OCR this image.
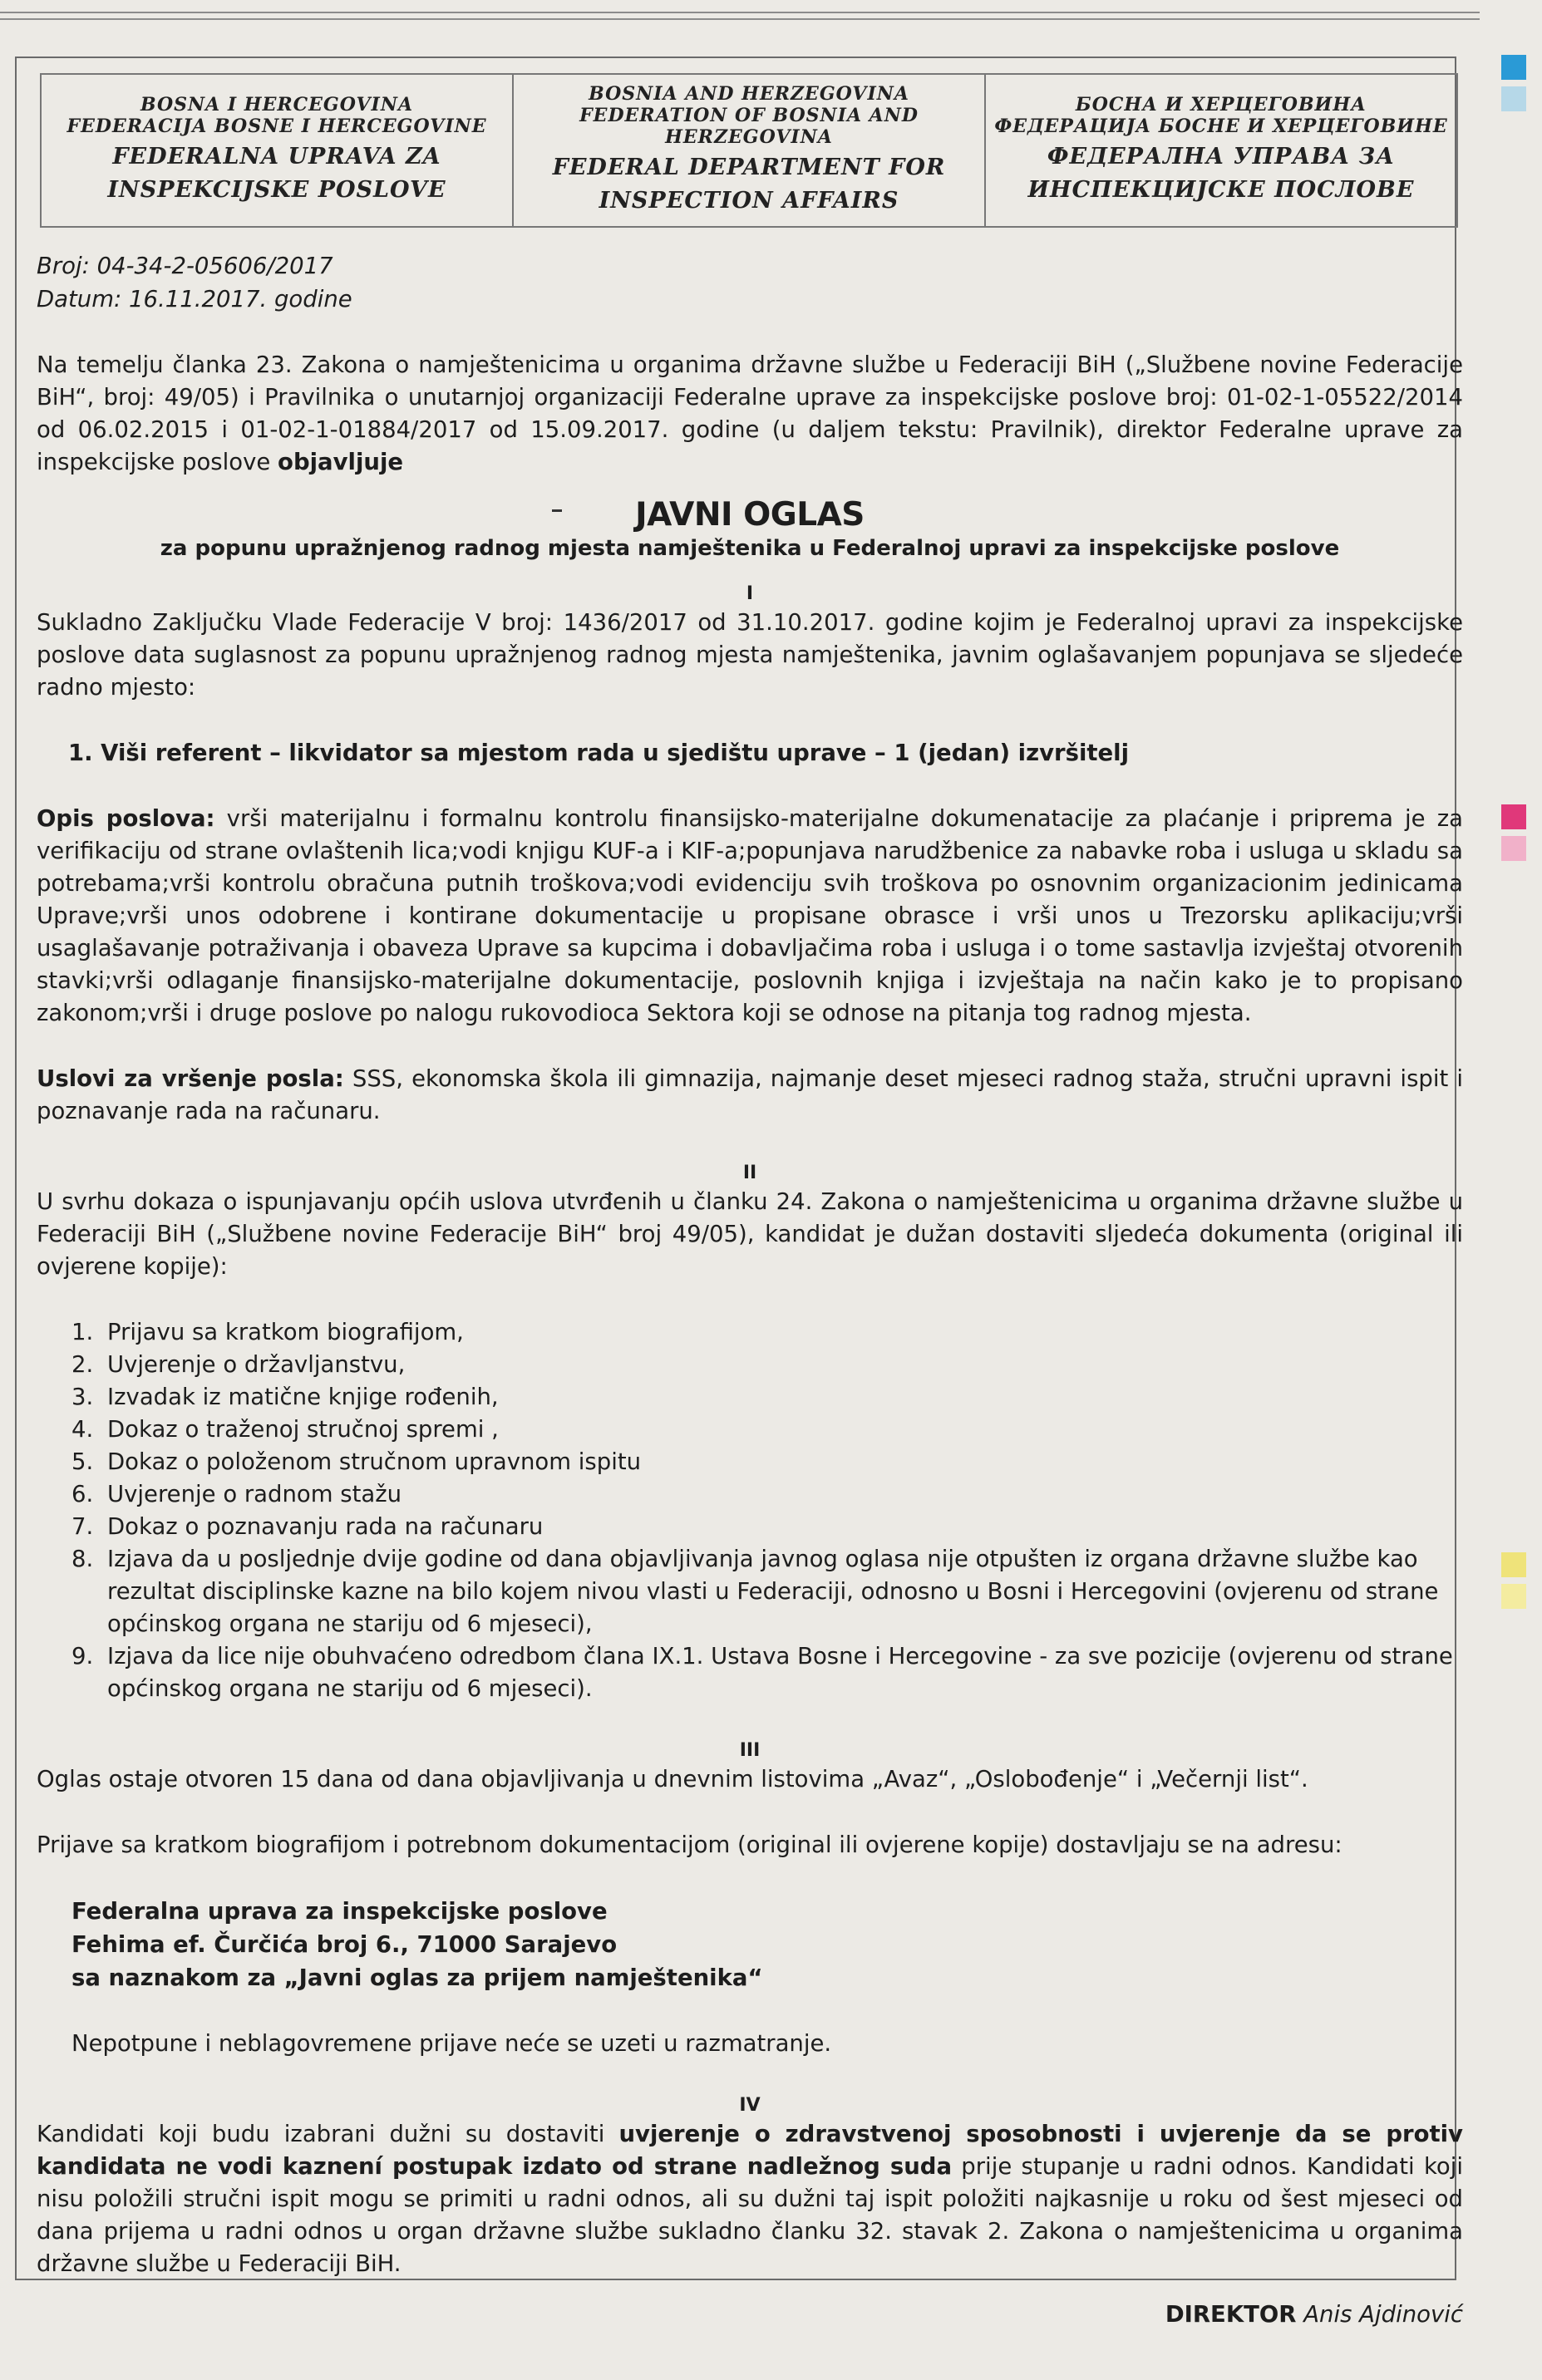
BOSNA I HERCEGOVINA
FEDERACIJA BOSNE I HERCEGOVINE
FEDERALNA UPRAVA ZA
INSPEKCIJSKE POSLOVE
BOSNIA AND HERZEGOVINA
FEDERATION OF BOSNIA AND HERZEGOVINA
FEDERAL DEPARTMENT FOR
INSPECTION AFFAIRS
БОСНА И ХЕРЦЕГОВИНА
ФЕДЕРАЦИЈА БОСНЕ И ХЕРЦЕГОВИНЕ
ФЕДЕРАЛНА УПРАВА ЗА
ИНСПЕКЦИЈСКЕ ПОСЛОВЕ
Broj: 04-34-2-05606/2017
Datum: 16.11.2017. godine

Na temelju članka 23. Zakona o namještenicima u organima državne službe u Federaciji BiH („Službene novine Federacije BiH“, broj: 49/05) i Pravilnika o unutarnjoj organizaciji Federalne uprave za inspekcijske poslove broj: 01-02-1-05522/2014 od 06.02.2015 i 01-02-1-01884/2017 od 15.09.2017. godine (u daljem tekstu: Pravilnik), direktor Federalne uprave za inspekcijske poslove objavljuje

JAVNI OGLAS
za popunu upražnjenog radnog mjesta namještenika u Federalnoj upravi za inspekcijske poslove
I

Sukladno Zaključku Vlade Federacije V broj: 1436/2017 od 31.10.2017. godine kojim je Federalnoj upravi za inspekcijske poslove data suglasnost za popunu upražnjenog radnog mjesta namještenika, javnim oglašavanjem popunjava se sljedeće radno mjesto:

1. Viši referent – likvidator sa mjestom rada u sjedištu uprave – 1 (jedan) izvršitelj

Opis poslova: vrši materijalnu i formalnu kontrolu finansijsko-materijalne dokumenatacije za plaćanje i priprema je za verifikaciju od strane ovlaštenih lica;vodi knjigu KUF-a i KIF-a;popunjava narudžbenice za nabavke roba i usluga u skladu sa potrebama;vrši kontrolu obračuna putnih troškova;vodi evidenciju svih troškova po osnovnim organizacionim jedinicama Uprave;vrši unos odobrene i kontirane dokumentacije u propisane obrasce i vrši unos u Trezorsku aplikaciju;vrši usaglašavanje potraživanja i obaveza Uprave sa kupcima i dobavljačima roba i usluga i o tome sastavlja izvještaj otvorenih stavki;vrši odlaganje finansijsko-materijalne dokumentacije, poslovnih knjiga i izvještaja na način kako je to propisano zakonom;vrši i druge poslove po nalogu rukovodioca Sektora koji se odnose na pitanja tog radnog mjesta.

Uslovi za vršenje posla: SSS, ekonomska škola ili gimnazija, najmanje deset mjeseci radnog staža, stručni upravni ispit i poznavanje rada na računaru.

II

U svrhu dokaza o ispunjavanju općih uslova utvrđenih u članku 24. Zakona o namještenicima u organima državne službe u Federaciji BiH („Službene novine Federacije BiH“ broj 49/05), kandidat je dužan dostaviti sljedeća dokumenta (original ili ovjerene kopije):

1. Prijavu sa kratkom biografijom,
2. Uvjerenje o državljanstvu,
3. Izvadak iz matične knjige rođenih,
4. Dokaz o traženoj stručnoj spremi ,
5. Dokaz o položenom stručnom upravnom ispitu
6. Uvjerenje o radnom stažu
7. Dokaz o poznavanju rada na računaru
8. Izjava da u posljednje dvije godine od dana objavljivanja javnog oglasa nije otpušten iz organa državne službe kao rezultat disciplinske kazne na bilo kojem nivou vlasti u Federaciji, odnosno u Bosni i Hercegovini (ovjerenu od strane općinskog organa ne stariju od 6 mjeseci),
9. Izjava da lice nije obuhvaćeno odredbom člana IX.1. Ustava Bosne i Hercegovine - za sve pozicije (ovjerenu od strane općinskog organa ne stariju od 6 mjeseci).
III

Oglas ostaje otvoren 15 dana od dana objavljivanja u dnevnim listovima „Avaz“, „Oslobođenje“ i „Večernji list“.

Prijave sa kratkom biografijom i potrebnom dokumentacijom (original ili ovjerene kopije) dostavljaju se na adresu:

Federalna uprava za inspekcijske poslove
Fehima ef. Čurčića broj 6., 71000 Sarajevo
sa naznakom za „Javni oglas za prijem namještenika“

Nepotpune i neblagovremene prijave neće se uzeti u razmatranje.

IV

Kandidati koji budu izabrani dužni su dostaviti uvjerenje o zdravstvenoj sposobnosti i uvjerenje da se protiv kandidata ne vodi kaznení postupak izdato od strane nadležnog suda prije stupanje u radni odnos. Kandidati koji nisu položili stručni ispit mogu se primiti u radni odnos, ali su dužni taj ispit položiti najkasnije u roku od šest mjeseci od dana prijema u radni odnos u organ državne službe sukladno članku 32. stavak 2. Zakona o namještenicima u organima državne službe u Federaciji BiH.

DIREKTOR Anis Ajdinović
